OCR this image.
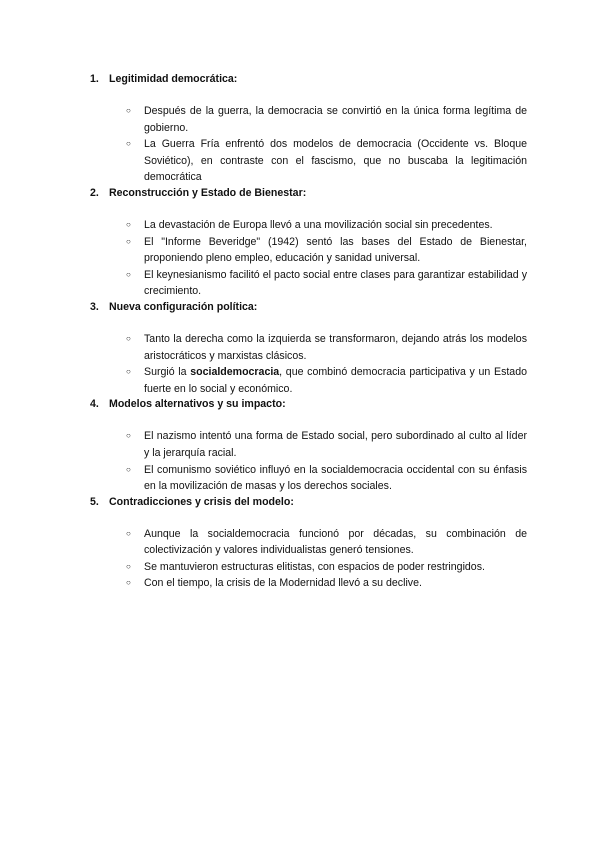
1. Legitimidad democrática:
○	Después de la guerra, la democracia se convirtió en la única forma legítima de gobierno.
○	La Guerra Fría enfrentó dos modelos de democracia (Occidente vs. Bloque Soviético), en contraste con el fascismo, que no buscaba la legitimación democrática
2. Reconstrucción y Estado de Bienestar:
○	La devastación de Europa llevó a una movilización social sin precedentes.
○	El "Informe Beveridge" (1942) sentó las bases del Estado de Bienestar, proponiendo pleno empleo, educación y sanidad universal.
○	El keynesianismo facilitó el pacto social entre clases para garantizar estabilidad y crecimiento.
3. Nueva configuración política:
○	Tanto la derecha como la izquierda se transformaron, dejando atrás los modelos aristocráticos y marxistas clásicos.
○	Surgió la socialdemocracia, que combinó democracia participativa y un Estado fuerte en lo social y económico.
4. Modelos alternativos y su impacto:
○	El nazismo intentó una forma de Estado social, pero subordinado al culto al líder y la jerarquía racial.
○	El comunismo soviético influyó en la socialdemocracia occidental con su énfasis en la movilización de masas y los derechos sociales.
5. Contradicciones y crisis del modelo:
○	Aunque la socialdemocracia funcionó por décadas, su combinación de colectivización y valores individualistas generó tensiones.
○	Se mantuvieron estructuras elitistas, con espacios de poder restringidos.
○	Con el tiempo, la crisis de la Modernidad llevó a su declive.
